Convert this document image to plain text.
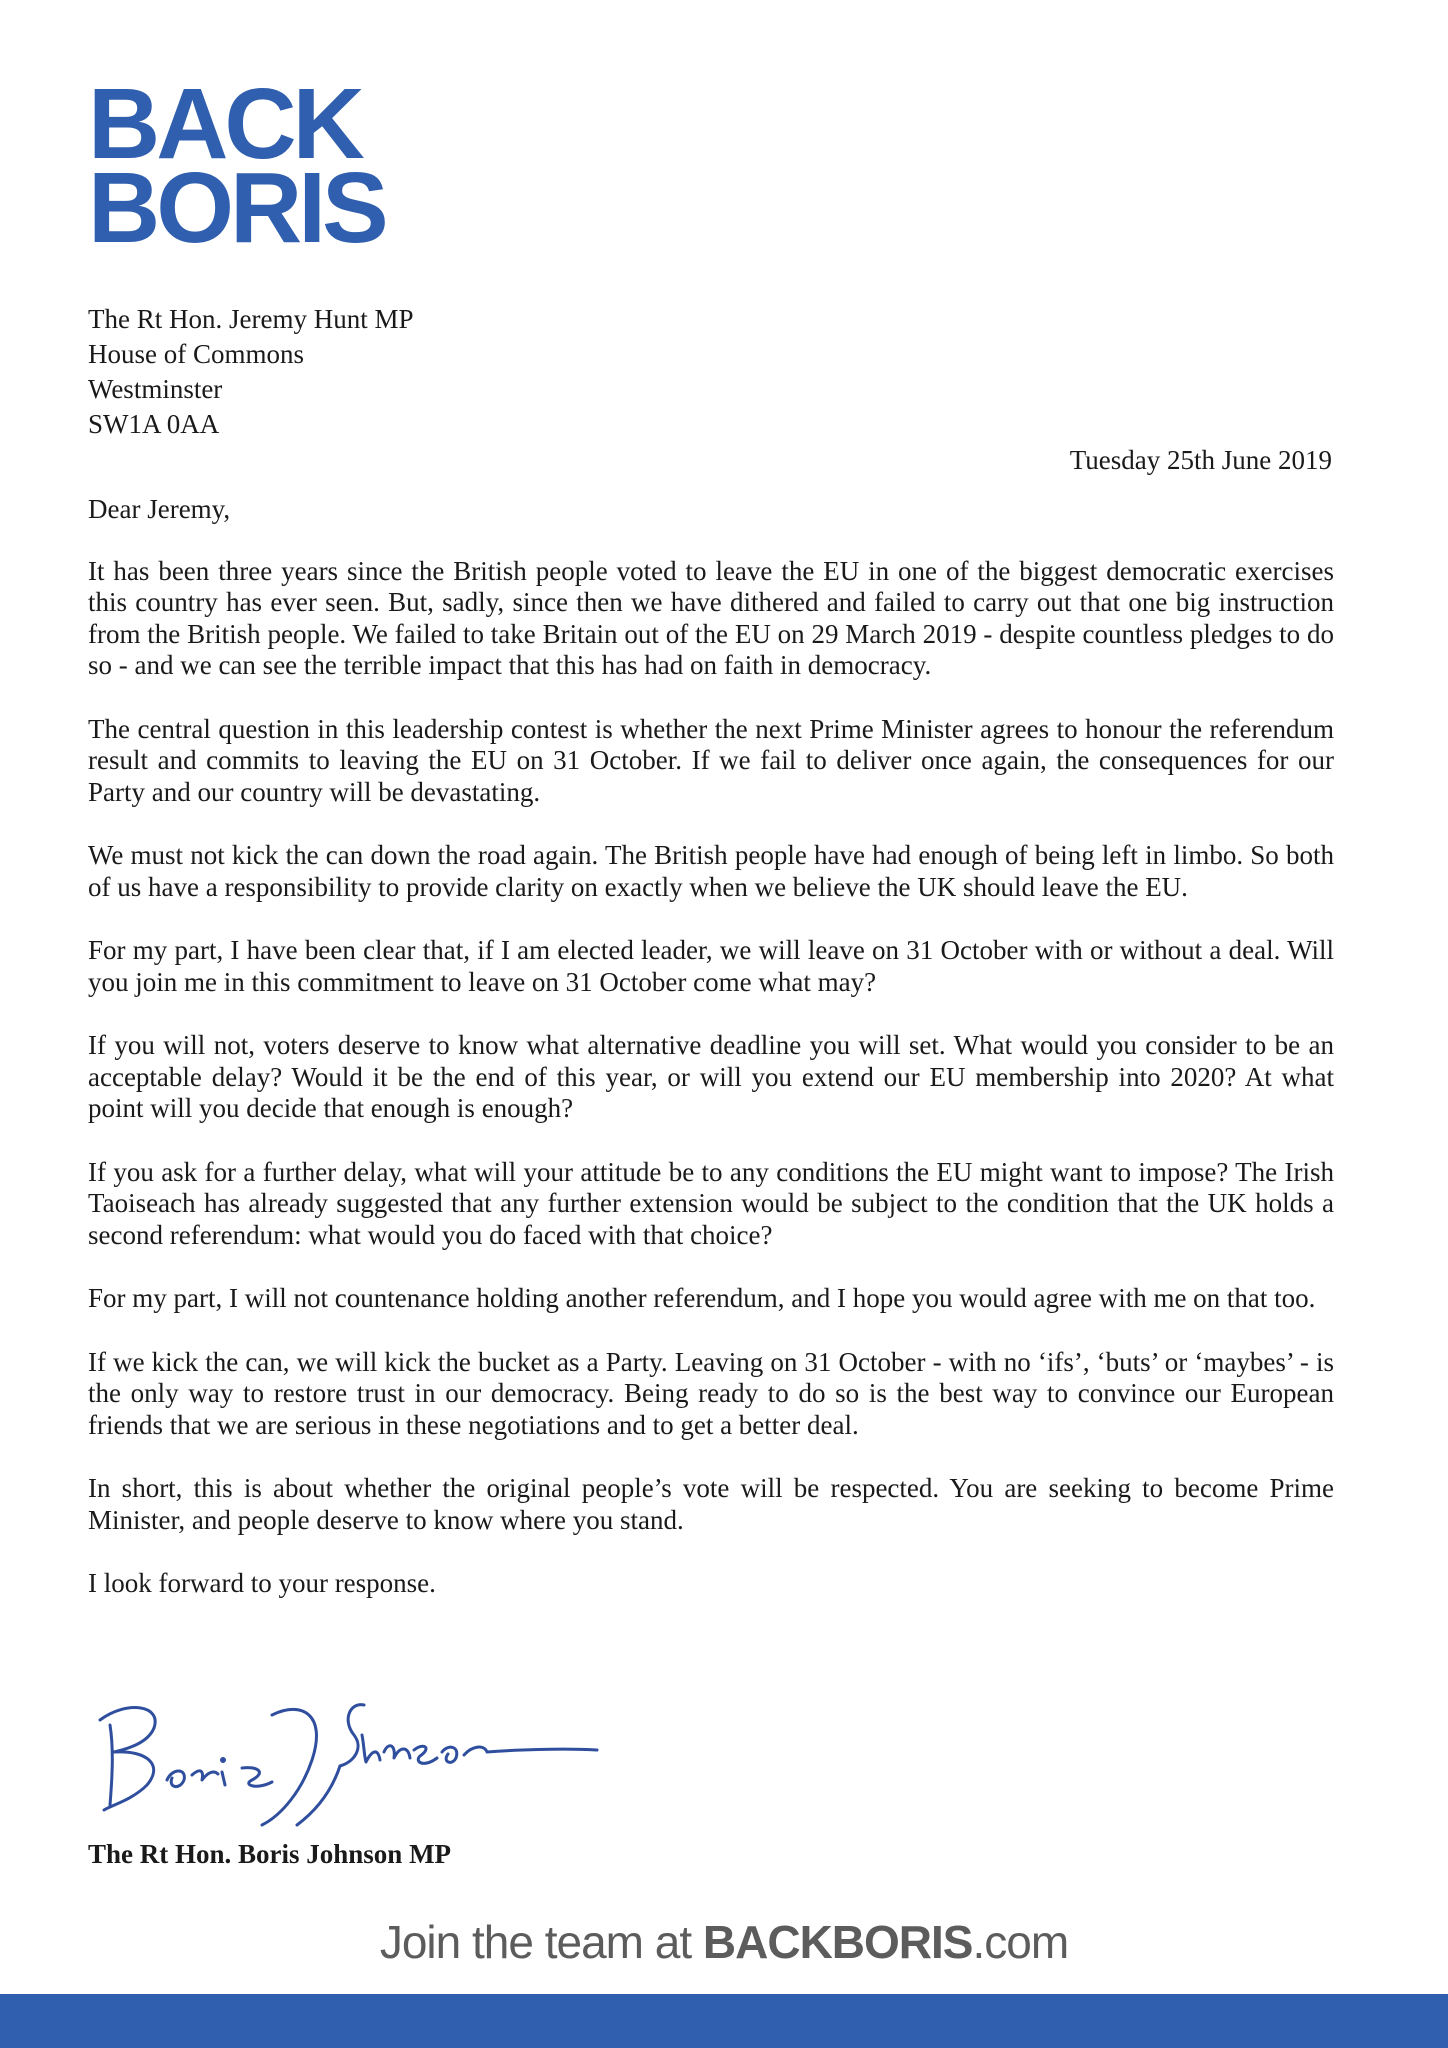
BACK
BORIS
The Rt Hon. Jeremy Hunt MP
House of Commons
Westminster
SW1A 0AA
Tuesday 25th June 2019

Dear Jeremy,

It has been three years since the British people voted to leave the EU in one of the biggest democratic exercises this country has ever seen. But, sadly, since then we have dithered and failed to carry out that one big instruction from the British people. We failed to take Britain out of the EU on 29 March 2019 - despite countless pledges to do so - and we can see the terrible impact that this has had on faith in democracy.

The central question in this leadership contest is whether the next Prime Minister agrees to honour the referendum result and commits to leaving the EU on 31 October. If we fail to deliver once again, the consequences for our Party and our country will be devastating.

We must not kick the can down the road again. The British people have had enough of being left in limbo. So both of us have a responsibility to provide clarity on exactly when we believe the UK should leave the EU.

For my part, I have been clear that, if I am elected leader, we will leave on 31 October with or without a deal. Will you join me in this commitment to leave on 31 October come what may?

If you will not, voters deserve to know what alternative deadline you will set. What would you consider to be an acceptable delay? Would it be the end of this year, or will you extend our EU membership into 2020? At what point will you decide that enough is enough?

If you ask for a further delay, what will your attitude be to any conditions the EU might want to impose? The Irish Taoiseach has already suggested that any further extension would be subject to the condition that the UK holds a second referendum: what would you do faced with that choice?

For my part, I will not countenance holding another referendum, and I hope you would agree with me on that too.

If we kick the can, we will kick the bucket as a Party. Leaving on 31 October - with no ‘ifs’, ‘buts’ or ‘maybes’ - is the only way to restore trust in our democracy. Being ready to do so is the best way to convince our European friends that we are serious in these negotiations and to get a better deal.

In short, this is about whether the original people’s vote will be respected. You are seeking to become Prime Minister, and people deserve to know where you stand.

I look forward to your response.

The Rt Hon. Boris Johnson MP
Join the team at BACKBORIS.com
